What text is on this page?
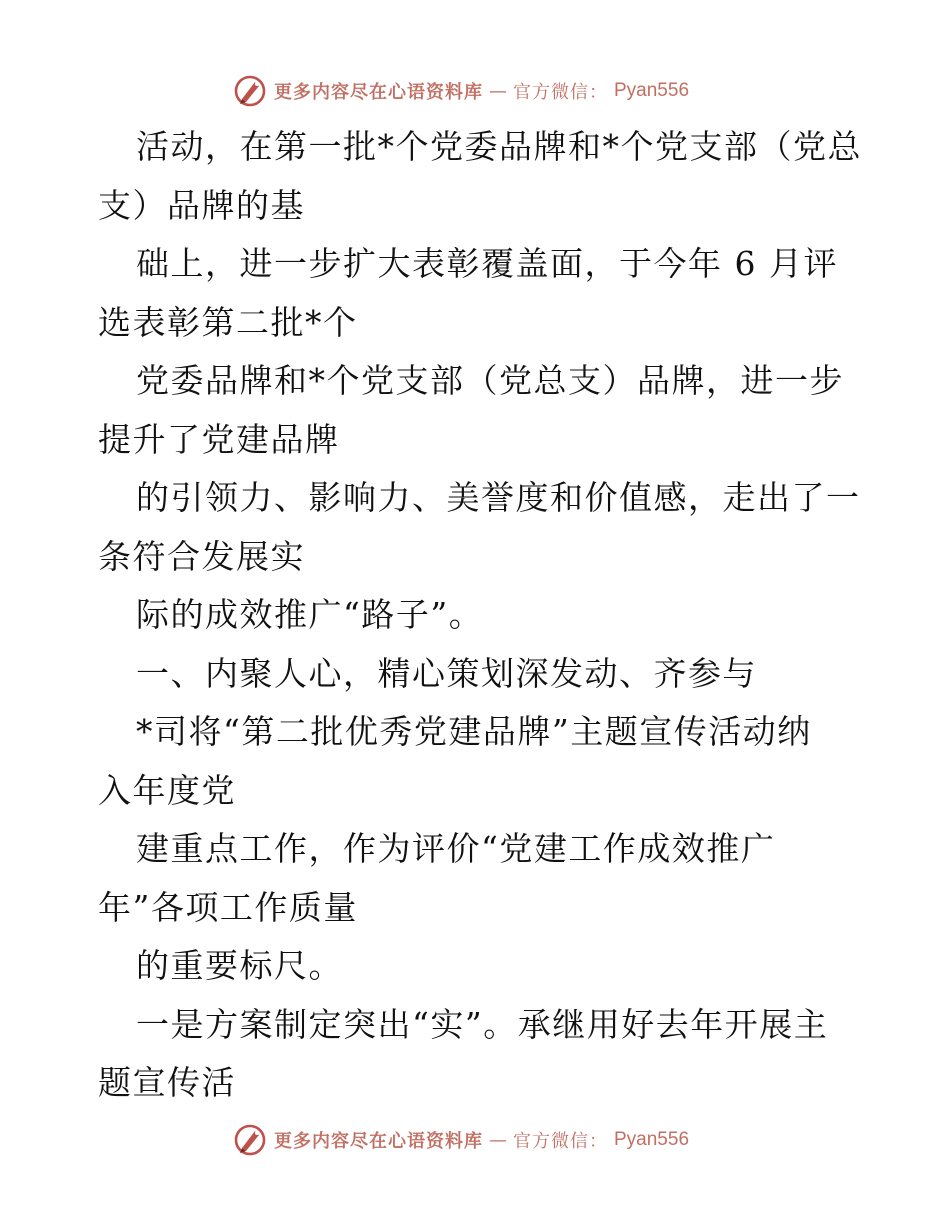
更多内容尽在心语资料库 — 官方微信： Pyan556
活动，在第一批*个党委品牌和*个党支部（党总
支）品牌的基
础上，进一步扩大表彰覆盖面，于今年 6 月评
选表彰第二批*个
党委品牌和*个党支部（党总支）品牌，进一步
提升了党建品牌
的引领力、影响力、美誉度和价值感，走出了一
条符合发展实
际的成效推广“路子”。
一、内聚人心，精心策划深发动、齐参与
*司将“第二批优秀党建品牌”主题宣传活动纳
入年度党
建重点工作，作为评价“党建工作成效推广
年”各项工作质量
的重要标尺。
一是方案制定突出“实”。承继用好去年开展主
题宣传活
更多内容尽在心语资料库 — 官方微信： Pyan556
